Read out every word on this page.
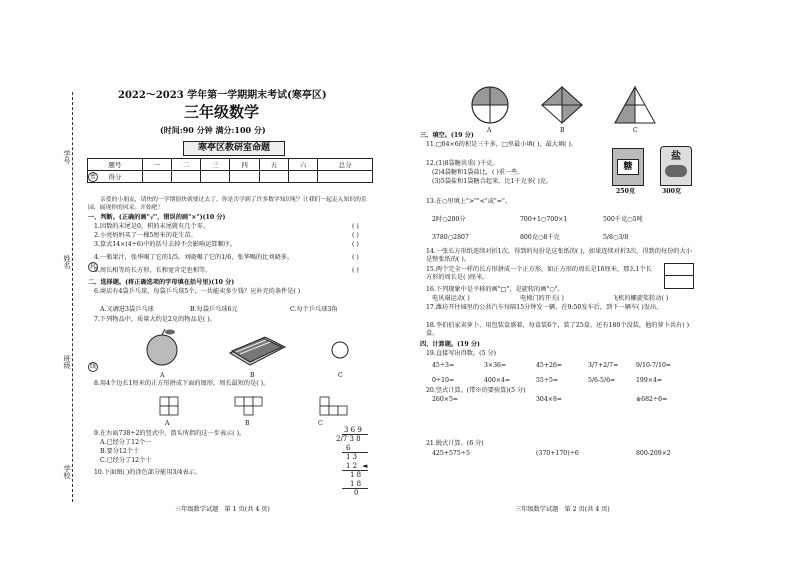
学号
姓名
班级
学校
密
封
线
2022～2023 学年第一学期期末考试(寒亭区)
三年级数学
(时间:90 分钟 满分:100 分)
寒亭区教研室命题
题号	一	二	三	四	五	六	总分
得分							
亲爱的小朋友，请快的一学期很快就要过去了，你是否学到了许多数学知识呢？让我们一起走入知识的乐园，展现你的风采。开始吧！
一、判断。(正确的画"√"，错误的画"×")(10 分)
1.因数的末尾是0，积的末尾就有几个零。
2.小亮妈妈买了一棵5厘米的花生苗。
3.算式14×(4÷6)中的括号去掉不会影响运算顺序。
4.一瓶果汁，张华喝了它的1/5，刘晓喝了它的1/6，张华喝的比刘晓多。
5.周长相等的长方形，长和宽肯定也相等。
( )
( )
( )
( )
( )
二、选择题。(将正确选项的字母填在括号里)(10 分)
6.商店有4袋乒乓球，每袋乒乓球5个，一共能卖多少钱？应补充的条件是( )
A.又调进3袋乒乓球	B.每袋乒乓球6元	C.每个乒乓球3角
7.下列物品中，质量大约是2克的物品是( )。
A	B	C
8.用4个边长1厘米的正方形拼成下面的图形，周长最短的是( )。
A	B	C
9.在右面738÷2的竖式中，箭头所指的这一步表示( )。
A.已经分了12个一
B.要分12个十
C.已经分了12个十
3 6 9
2/7 3 8
6
1 3
1 2 ◄
1 8
1 8
0
10.下面图( )的涂色部分能用3/4表示。
三年级数学试题　第 1 页(共 4 页)
A	B	C
三、填空。(19 分)
11.□04×6的积是三千多，□里最小填( )，最大填( )。
12.(1)8袋糖共重( )千克。
(2)4袋糖和1袋盐比，( )重一些。
(3)5袋盐和1袋糖合起来，比1千克多( )克。
糖
盐
250克	300克
13.在○里填上">""<"或"="。
2时○200分	700+1○700×1	500千克○5吨
3780○2807	800克○8千克	5/8○3/8
14.一张长方形纸连续对折1次，得到的每份是这张纸的( )，如果连续对折3次，得到的每份的大小是整张纸的( )。
15.两个完全一样的长方形拼成一个正方形，如正方形的周长是16厘米，那么1个长方形的周长是( )厘米。
16.下列现象中是平移的画"□"，是旋转的画"○"。
电风扇运动( )	电梯门的开关( )	飞机的螺旋桨转动( )
17.潍坊开往城里的公共汽车每隔15分钟发一辆，在9:50发车后，到下一辆车( )发出。
18.李伯伯家卖萝卜，用包装盒盛着，每盒装6个，装了25盒，还有180个没装，他的萝卜共有( )盒。
四、计算题。(19 分)
19.直接写出得数。(5 分)
45÷3=	3×36=	45+26=	3/7+2/7=	9/10-7/10=
0÷10=	400×4=	55÷5=	5/6-5/6=	199×4≈
20.竖式计算。(带※的要验算)(5 分)
260×5=	304×8=	※682÷6=
21.脱式计算。(6 分)
425+575÷5	(370+170)÷6	800-209×2
三年级数学试题　第 2 页(共 4 页)
